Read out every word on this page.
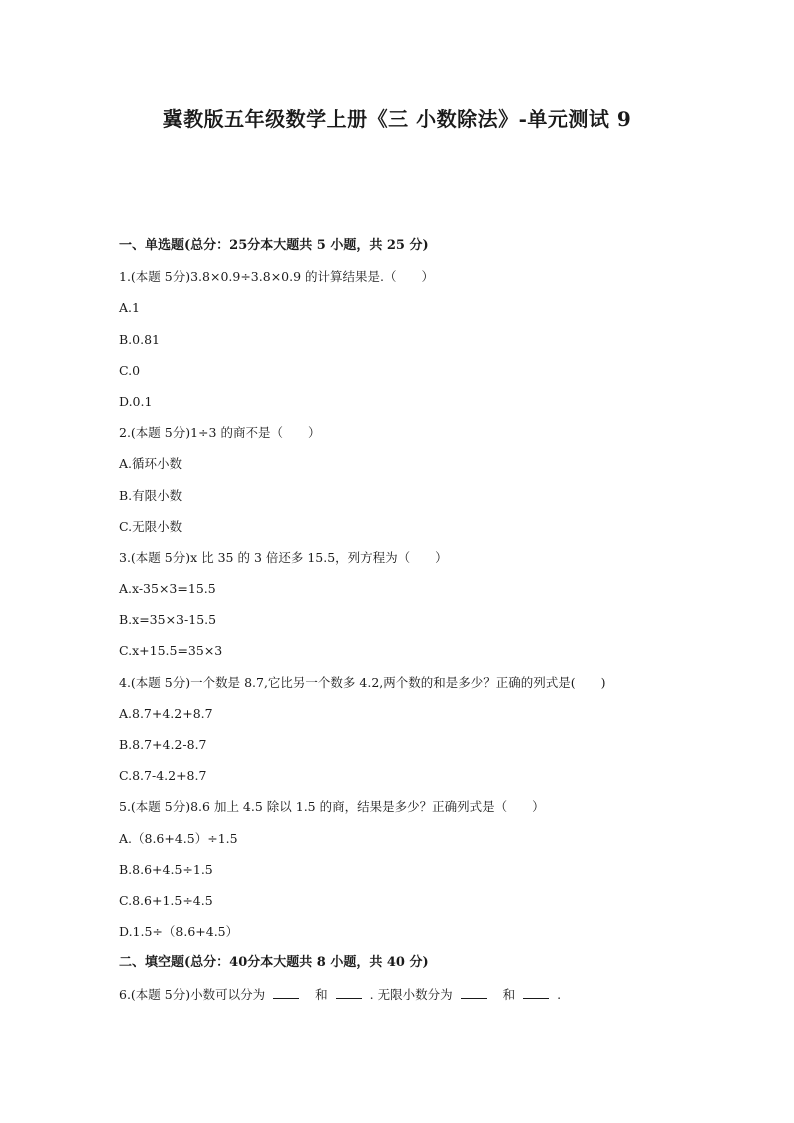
冀教版五年级数学上册《三 小数除法》-单元测试 9
一、单选题(总分：25分本大题共 5 小题，共 25 分)
1.(本题 5分)3.8×0.9÷3.8×0.9 的计算结果是.（　　）
A.1
B.0.81
C.0
D.0.1
2.(本题 5分)1÷3 的商不是（　　）
A.循环小数
B.有限小数
C.无限小数
3.(本题 5分)x 比 35 的 3 倍还多 15.5，列方程为（　　）
A.x-35×3=15.5
B.x=35×3-15.5
C.x+15.5=35×3
4.(本题 5分)一个数是 8.7,它比另一个数多 4.2,两个数的和是多少？正确的列式是(　　)
A.8.7+4.2+8.7
B.8.7+4.2-8.7
C.8.7-4.2+8.7
5.(本题 5分)8.6 加上 4.5 除以 1.5 的商，结果是多少？正确列式是（　　）
A.（8.6+4.5）÷1.5
B.8.6+4.5÷1.5
C.8.6+1.5÷4.5
D.1.5÷（8.6+4.5）
二、填空题(总分：40分本大题共 8 小题，共 40 分)
6.(本题 5分)小数可以分为	和	. 无限小数分为	和	.
